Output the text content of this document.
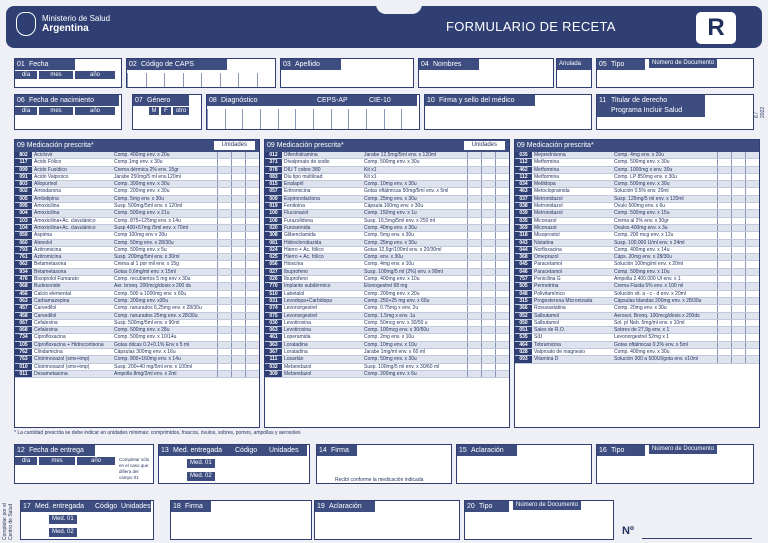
Ministerio de Salud
Argentina	FORMULARIO DE RECETA	R
01 Fecha
día	mes	año
02 Código de CAPS	03 Apellido	04 Nombres	Anulada	05 Tipo	Número de Documento
06 Fecha de nacimiento
día	mes	año
07 Género
M	F	otro
08 Diagnóstico	CEPS-AP	CIE-10	10 Firma y sello del médico	11 Titular de derecho
Programa Incluir Salud
09 Medicación prescrita*	Unidades
802	Aciclovir	Comp. 400mg env. x 20u
117	Acido Fólico	Comp.1mg env. x 30u
099	Acido Fusídico	Crema dérmica 2% env. 15gr
091	Acido Valproico	Jarabe 250mg/5 ml env.120ml
803	Allopurinol	Comp. 300mg env. x 30u
002	Amiodarona	Comp. 200mg env. x 30u
005	Amlodipina	Comp. 5mg env. x 30u
095	Amoxicilina	Susp. 500mg/5ml env. x 120ml
004	Amoxicilina	Comp. 500mg env. x 21u
103	Amoxicilina+Ac. clavulánico	Comp. 875+125mg env. x 14u
104	Amoxicilina+Ac. clavulánico	Susp 400+57mg /5ml env. x 70ml
059	Aspirina	Comp 100mg env x 30u
060	Atenolol	Comp. 50mg env. x 28/30u
793	Azitromicina	Comp. 500mg env. x 5u
761	Azitromicina	Susp. 200mg/5ml env. x 30ml
062	Betametasona	Crema al 1 por mil env. x 15g
934	Betametasona	Gotas 0,6mg/ml env. x 15ml
476	Bisoprolol Fumarato	Comp. recubiertos 5 mg env x 30u
068	Budesonide	Aer. bronq. 200mcg/dosis x 200 ds
456	Calcio elemental	Comp. 500 a 1000mg env. x 60u
063	Carbamazepina	Comp. 200mg env. x30u
457	Carvedilol	Comp. ranurados 6,25mg env. x 28/30u
458	Carvedilol	Comp. ranurados 25mg env. x 28/30u
067	Cefalexina	Susp. 500mg/5ml env. x 90ml
068	Cefalexina	Comp. 500mg env. x 28u
734	Ciprofloxacina	Comp. 500mg env. x 10/14u
105	Ciprofloxacina + Hidrocortisona	Gotas óticas 0.2+0.1% Env x 5 ml
762	Clindamicina	Cápsulas 300mg env. x 16u
763	Clotrimoxazol (smx+tmp)	Comp. 800+160mg env. x 14u
010	Clotrimoxazol (smx+tmp)	Susp. 200+40 mg/5ml env. x 100ml
011	Desametasona	Ampolla 8mg/2ml env. x 2ml
09 Medicación prescrita*	Unidades
012	Difenhidramina	Jarabe 12,5mg/5ml env. x 120ml
371	Divalproato de sodio	Comp. 500mg env. x 30u
078	DIU T cobre 380	Kit x1
083	Diu tipo multiload	Kit x1
015	Enalapril	Comp. 10mg env. x 30u
057	Eritromicina	Gotas oftálmicas 50mg/5ml env. x 5ml
009	Espironolactona	Comp. 25mg env. x 30u
019	Fenitoína	Cápsula 100mg env. x 30u
100	Fluconazol	Comp. 150mg env. x 1u
106	Furazolidona	Susp. 16,5mg/5ml env. x 250 ml
020	Furosemida	Comp. 40mg env. x 30u
308	Glibenclamida	Comp. 5mg env. x 30u
081	Hidroclorotiazida	Comp. 25mg env. x 30u
024	Hierro + Ác. fólico	Gotas 12,5gr/100ml env. x 20/30ml
025	Hierro + Ác. fólico	Comp. env. x 30u
056	Hioscina	Comp. 4mg env. x 10u
027	Ibuprofeno	Susp. 100mg/5 ml (2%) env. x 90ml
026	Ibuprofeno	Comp. 400mg env. x 10u
770	Implante subdérmico	Etonogestrel 68 mg
510	Labetalol	Comp. 200mg env. x 20u
031	Levodopa+Carbidopa	Comp. 250+25 mg env. x 60u
074	Levonorgestrel	Comp. 0.75mg x env. 2u
075	Levonorgestrel	Comp. 1.5mg x env. 1u
030	Levotiroxina	Comp. 50mcg env. x 30/50 u
063	Levotiroxina	Comp. 100mcg env. x 30/50u
461	Loperamida	Comp. 2mg env. x 10u
363	Loratadina	Comp. 10mg env. x 10u
367	Loratadina	Jarabe 1mg/ml env. x 60 ml
111	Losartán	Comp. 50mg env. x 30u
032	Mebendazol	Susp. 100mg/5 ml env. x 30/60 ml
309	Mebendazol	Comp. 200mg env. x 6u
09 Medicación prescrita*
035	Meprednisona	Comp. 4mg env. x 20u
112	Metformina	Comp. 500mg env. x 30u
462	Metformina	Comp. 1000mg x env. 30u
112	Metformina	Comp. LP 850mg env. x 30u
034	Metildopa	Comp. 500mg env. x 30u
463	Metoclopramida	Solución 0.5% env. 20ml
037	Metronidazol	Susp. 125mg/5 ml env. x 120ml
038	Metronidazol	Óvulo 500mg env. x 6u
039	Metronidazol	Comp. 500mg env. x 15u
035	Miconazol	Crema al 2% env. x 30gr
369	Miconazol	Óvulos 400mg env. x 3u
318	Misoprostol	Comp. 200 mcg env. x 12u
043	Nistatina	Susp. 100.000 U/ml env. x 24ml
044	Norfloxacina	Comp. 400mg env. x 14u
368	Omeprazol	Cáps. 20mg env. x 28/30u
045	Paracetamol	Solución 100mg/ml env. x 20ml
046	Paracetamol	Comp. 500mg env. x 10u
757	Penicilina G	Ampolla 2.400.000 UI env. x 1
505	Permetrina	Crema Fluida 5% env. x 100 ml
048	Polivitamínico	Solución vit. a - c - d env. x 20ml
315	Progesterona Micronizada	Cápsulas blandas 200mg env. x 28/30u
366	Rosuvastatina	Comp. 20mg env. x 30u
052	Salbutamol	Aerosol. Bronq. 100mcg/dosis x 200ds
050	Salbutamol	Sol. p/ Neb. 5mg/ml env. x 10ml
051	Sales de R.O.	Sobres de 27,9g env. x 1
535	SIU	Levonorgestrel 52mg x 1
464	Tobramicina	Gotas oftálmicas 0.3% env. x 5ml
028	Valproato de magnesio	Comp. 400mg env. x 30u
093	Vitamina D	Solución 300 a 500UI/gota env. x10ml
* La cantidad prescrita se debe indicar en unidades mínimas: comprimidos, frascos, óvulos, sobres, pomos, ampollas y aerosoles
6 / 2022
12 Fecha de entrega
día	mes	año	Completar sólo en el caso que difiera del campo 01
13 Med. entregada Código Unidades
Med. 01
Med. 02
14 Firma
Recibí conforme la medicación indicada
15 Aclaración	16 Tipo	Número de Documento
17 Med. entregada Código Unidades
Med. 01
Med. 02
Completar por el Centro de Salud	18 Firma	19 Aclaración	20 Tipo	Número de Documento
Nº
